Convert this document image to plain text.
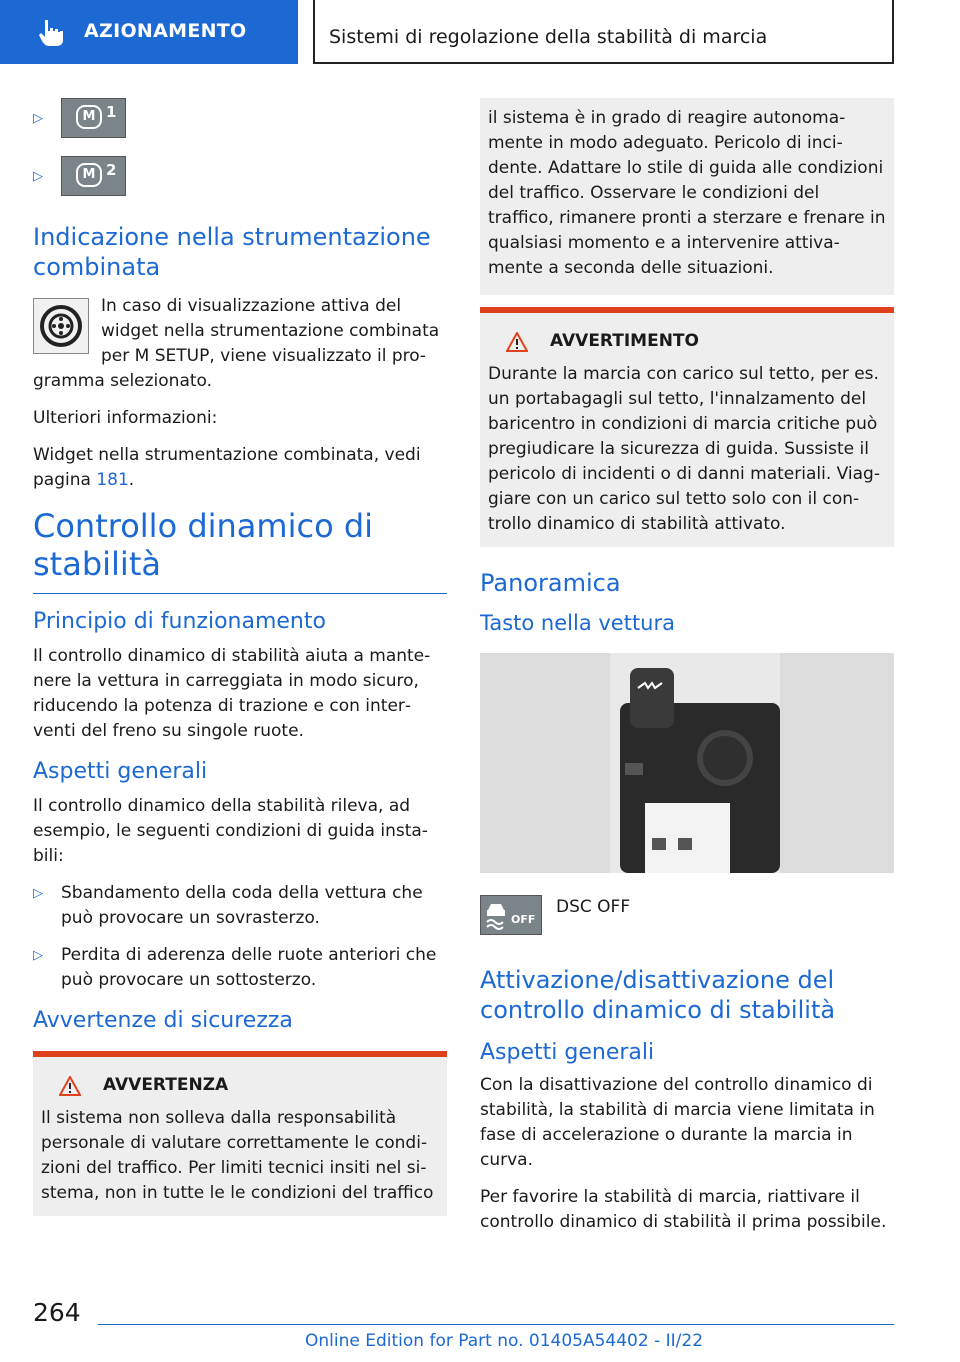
AZIONAMENTO	Sistemi di regolazione della stabilità di marcia
▷	M 1
▷	M 2
Indicazione nella strumentazione combinata

In caso di visualizzazione attiva del widget nella strumentazione combinata per M SETUP, viene visualizzato il programma selezionato.

Ulteriori informazioni:

Widget nella strumentazione combinata, vedi pagina 181.

Controllo dinamico di stabilità
Principio di funzionamento

Il controllo dinamico di stabilità aiuta a mantenere la vettura in carreggiata in modo sicuro, riducendo la potenza di trazione e con interventi del freno su singole ruote.

Aspetti generali

Il controllo dinamico della stabilità rileva, ad esempio, le seguenti condizioni di guida instabili:

▷ Sbandamento della coda della vettura che può provocare un sovrasterzo.
▷ Perdita di aderenza delle ruote anteriori che può provocare un sottosterzo.
Avvertenze di sicurezza
AVVERTENZA
Il sistema non solleva dalla responsabilità personale di valutare correttamente le condizioni del traffico. Per limiti tecnici insiti nel sistema, non in tutte le le condizioni del traffico
il sistema è in grado di reagire autonomamente in modo adeguato. Pericolo di incidente. Adattare lo stile di guida alle condizioni del traffico. Osservare le condizioni del traffico, rimanere pronti a sterzare e frenare in qualsiasi momento e a intervenire attivamente a seconda delle situazioni.
AVVERTIMENTO
Durante la marcia con carico sul tetto, per es. un portabagagli sul tetto, l'innalzamento del baricentro in condizioni di marcia critiche può pregiudicare la sicurezza di guida. Sussiste il pericolo di incidenti o di danni materiali. Viaggiare con un carico sul tetto solo con il controllo dinamico di stabilità attivato.
Panoramica
Tasto nella vettura
OFF
DSC OFF
Attivazione/disattivazione del controllo dinamico di stabilità
Aspetti generali

Con la disattivazione del controllo dinamico di stabilità, la stabilità di marcia viene limitata in fase di accelerazione o durante la marcia in curva.

Per favorire la stabilità di marcia, riattivare il controllo dinamico di stabilità il prima possibile.

264
Online Edition for Part no. 01405A54402 - II/22
